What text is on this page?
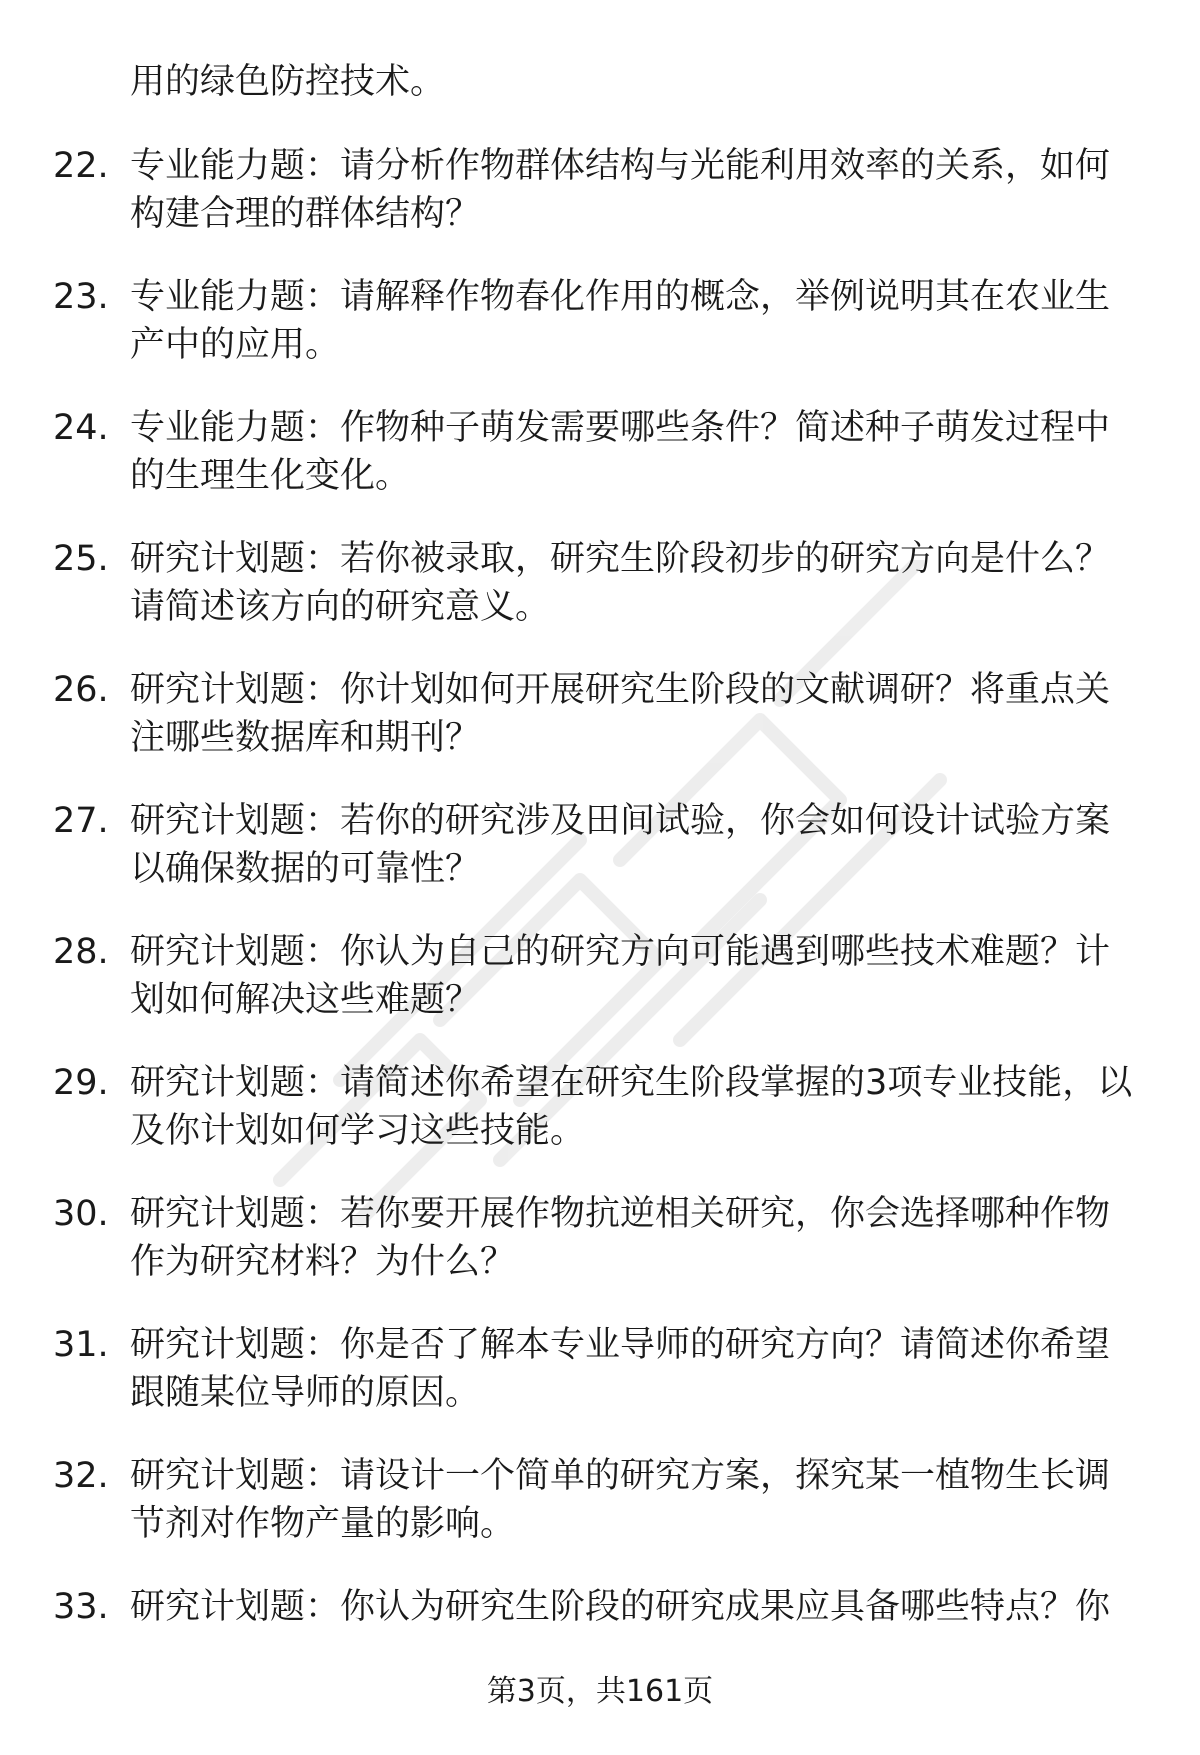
用的绿色防控技术。

22. 专业能力题：请分析作物群体结构与光能利用效率的关系，如何
构建合理的群体结构？

23. 专业能力题：请解释作物春化作用的概念，举例说明其在农业生
产中的应用。

24. 专业能力题：作物种子萌发需要哪些条件？简述种子萌发过程中
的生理生化变化。

25. 研究计划题：若你被录取，研究生阶段初步的研究方向是什么？
请简述该方向的研究意义。

26. 研究计划题：你计划如何开展研究生阶段的文献调研？将重点关
注哪些数据库和期刊？

27. 研究计划题：若你的研究涉及田间试验，你会如何设计试验方案
以确保数据的可靠性？

28. 研究计划题：你认为自己的研究方向可能遇到哪些技术难题？计
划如何解决这些难题？

29. 研究计划题：请简述你希望在研究生阶段掌握的3项专业技能，以
及你计划如何学习这些技能。

30. 研究计划题：若你要开展作物抗逆相关研究，你会选择哪种作物
作为研究材料？为什么？

31. 研究计划题：你是否了解本专业导师的研究方向？请简述你希望
跟随某位导师的原因。

32. 研究计划题：请设计一个简单的研究方案，探究某一植物生长调
节剂对作物产量的影响。

33. 研究计划题：你认为研究生阶段的研究成果应具备哪些特点？你

第3页，共161页
